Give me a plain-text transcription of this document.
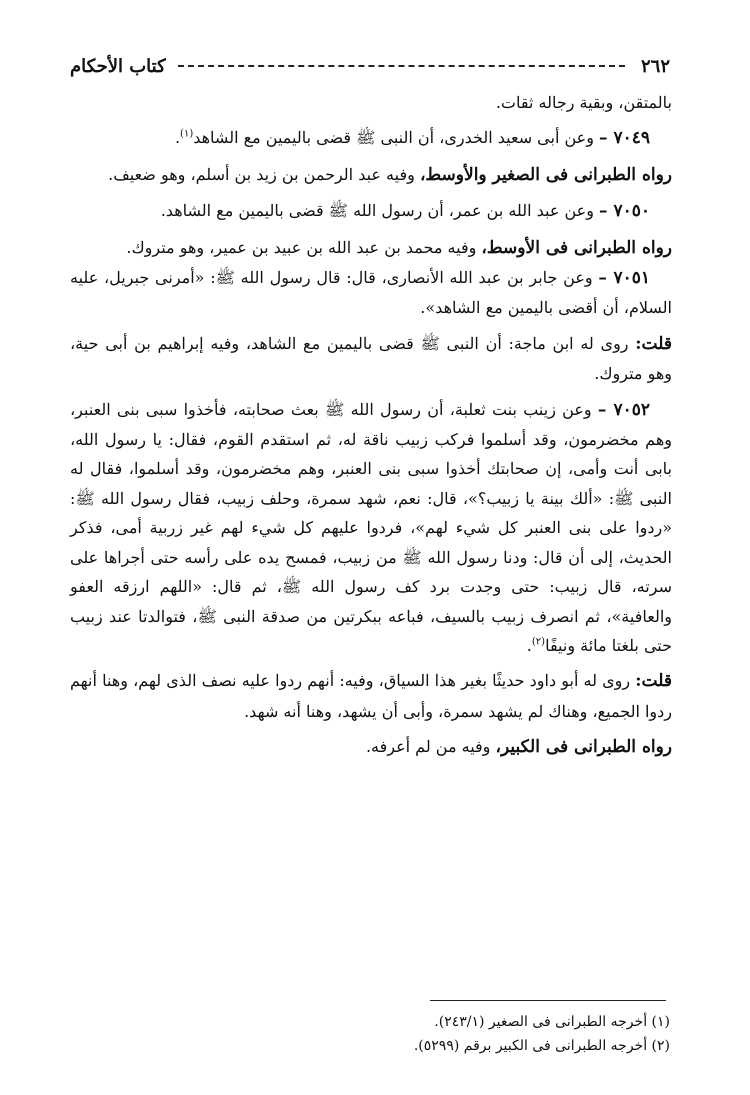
٢٦٢
كتاب الأحكام

بالمتقن، وبقية رجاله ثقات.

٧٠٤٩ – وعن أبى سعيد الخدرى، أن النبى ﷺ قضى باليمين مع الشاهد$^{(١)}$.

رواه الطبرانى فى الصغير والأوسط، وفيه عبد الرحمن بن زيد بن أسلم، وهو ضعيف.

٧٠٥٠ – وعن عبد الله بن عمر، أن رسول الله ﷺ قضى باليمين مع الشاهد.

رواه الطبرانى فى الأوسط، وفيه محمد بن عبد الله بن عبيد بن عمير، وهو متروك.

٧٠٥١ – وعن جابر بن عبد الله الأنصارى، قال: قال رسول الله ﷺ: «أمرنى جبريل، عليه السلام، أن أقضى باليمين مع الشاهد».

قلت: روى له ابن ماجة: أن النبى ﷺ قضى باليمين مع الشاهد، وفيه إبراهيم بن أبى حية، وهو متروك.

٧٠٥٢ – وعن زينب بنت ثعلبة، أن رسول الله ﷺ بعث صحابته، فأخذوا سبى بنى العنبر، وهم مخضرمون، وقد أسلموا فركب زبيب ناقة له، ثم استقدم القوم، فقال: يا رسول الله، بابى أنت وأمى، إن صحابتك أخذوا سبى بنى العنبر، وهم مخضرمون، وقد أسلموا، فقال له النبى ﷺ: «ألك بينة يا زبيب؟»، قال: نعم، شهد سمرة، وحلف زبيب، فقال رسول الله ﷺ: «ردوا على بنى العنبر كل شيء لهم»، فردوا عليهم كل شيء لهم غير زربية أمى، فذكر الحديث، إلى أن قال: ودنا رسول الله ﷺ من زبيب، فمسح يده على رأسه حتى أجراها على سرته، قال زبيب: حتى وجدت برد كف رسول الله ﷺ، ثم قال: «اللهم ارزقه العفو والعافية»، ثم انصرف زبيب بالسيف، فباعه ببكرتين من صدقة النبى ﷺ، فتوالدتا عند زبيب حتى بلغتا مائة ونيفًا$^{(٢)}$.

قلت: روى له أبو داود حديثًا بغير هذا السياق، وفيه: أنهم ردوا عليه نصف الذى لهم، وهنا أنهم ردوا الجميع، وهناك لم يشهد سمرة، وأبى أن يشهد، وهنا أنه شهد.

رواه الطبرانى فى الكبير، وفيه من لم أعرفه.

(١) أخرجه الطبرانى فى الصغير (٢٤٣/١).
(٢) أخرجه الطبرانى فى الكبير برقم (٥٢٩٩).
